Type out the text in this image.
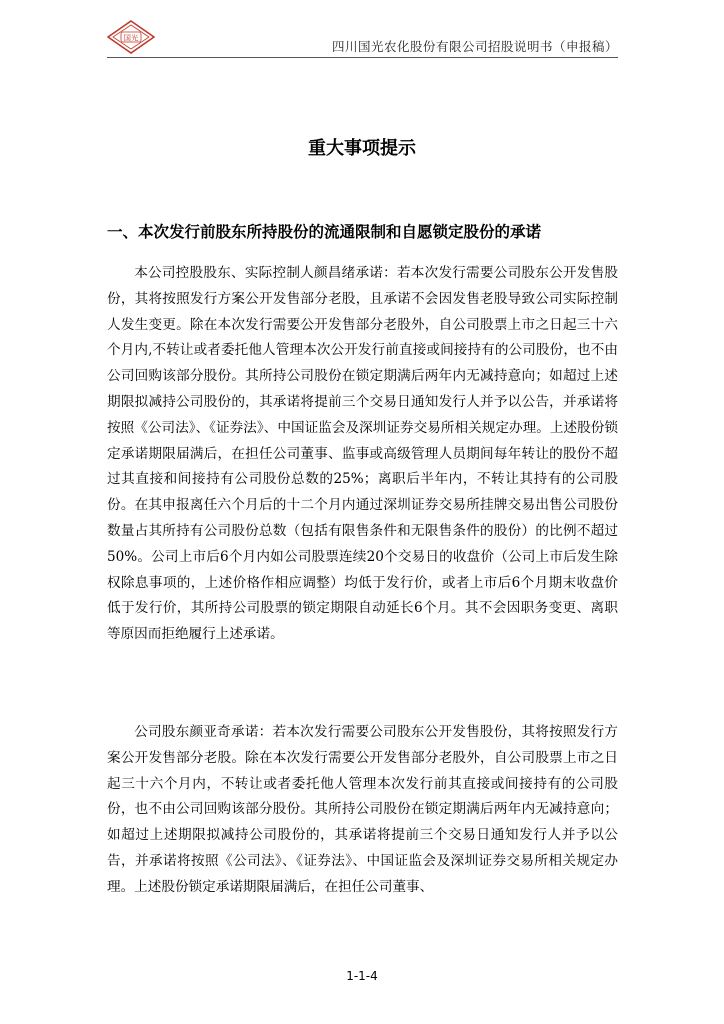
国光
四川国光农化股份有限公司招股说明书（申报稿）
重大事项提示
一、本次发行前股东所持股份的流通限制和自愿锁定股份的承诺

本公司控股股东、实际控制人颜昌绪承诺：若本次发行需要公司股东公开发售股份，其将按照发行方案公开发售部分老股，且承诺不会因发售老股导致公司实际控制人发生变更。除在本次发行需要公开发售部分老股外，自公司股票上市之日起三十六个月内,不转让或者委托他人管理本次公开发行前直接或间接持有的公司股份，也不由公司回购该部分股份。其所持公司股份在锁定期满后两年内无减持意向；如超过上述期限拟减持公司股份的，其承诺将提前三个交易日通知发行人并予以公告，并承诺将按照《公司法》、《证券法》、中国证监会及深圳证券交易所相关规定办理。上述股份锁定承诺期限届满后，在担任公司董事、监事或高级管理人员期间每年转让的股份不超过其直接和间接持有公司股份总数的25%；离职后半年内，不转让其持有的公司股份。在其申报离任六个月后的十二个月内通过深圳证券交易所挂牌交易出售公司股份数量占其所持有公司股份总数（包括有限售条件和无限售条件的股份）的比例不超过50%。公司上市后6个月内如公司股票连续20个交易日的收盘价（公司上市后发生除权除息事项的，上述价格作相应调整）均低于发行价，或者上市后6个月期末收盘价低于发行价，其所持公司股票的锁定期限自动延长6个月。其不会因职务变更、离职等原因而拒绝履行上述承诺。

公司股东颜亚奇承诺：若本次发行需要公司股东公开发售股份，其将按照发行方案公开发售部分老股。除在本次发行需要公开发售部分老股外，自公司股票上市之日起三十六个月内，不转让或者委托他人管理本次发行前其直接或间接持有的公司股份，也不由公司回购该部分股份。其所持公司股份在锁定期满后两年内无减持意向；如超过上述期限拟减持公司股份的，其承诺将提前三个交易日通知发行人并予以公告，并承诺将按照《公司法》、《证券法》、中国证监会及深圳证券交易所相关规定办理。上述股份锁定承诺期限届满后，在担任公司董事、

1-1-4
